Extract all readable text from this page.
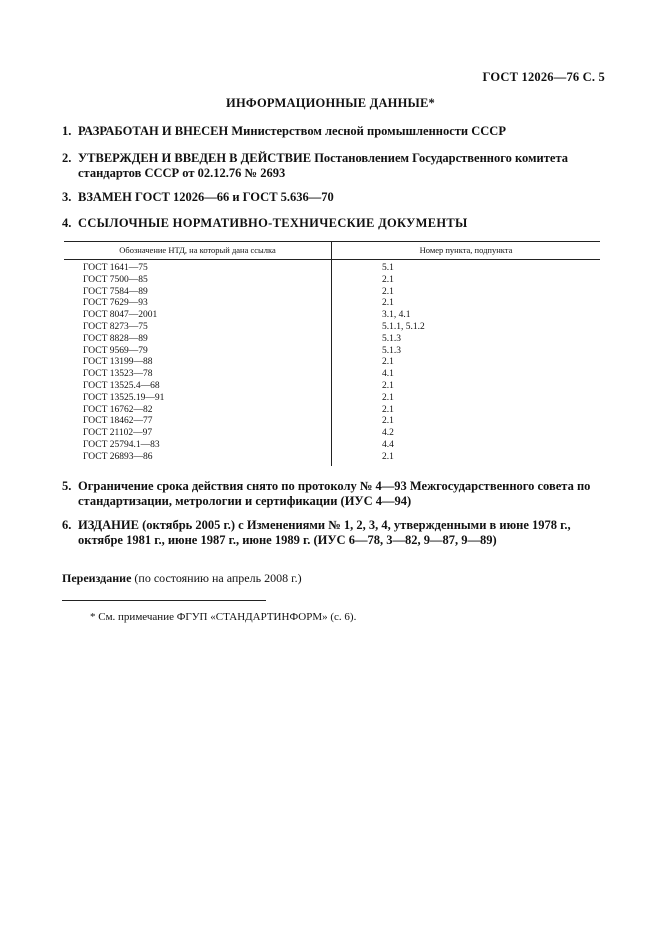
ГОСТ 12026—76 С. 5
ИНФОРМАЦИОННЫЕ ДАННЫЕ*
1. РАЗРАБОТАН И ВНЕСЕН Министерством лесной промышленности СССР
2. УТВЕРЖДЕН И ВВЕДЕН В ДЕЙСТВИЕ Постановлением Государственного комитета стандартов СССР от 02.12.76 № 2693
3. ВЗАМЕН ГОСТ 12026—66 и ГОСТ 5.636—70
4. ССЫЛОЧНЫЕ НОРМАТИВНО-ТЕХНИЧЕСКИЕ ДОКУМЕНТЫ
Обозначение НТД, на который дана ссылка	Номер пункта, подпункта
ГОСТ 1641—75
ГОСТ 7500—85
ГОСТ 7584—89
ГОСТ 7629—93
ГОСТ 8047—2001
ГОСТ 8273—75
ГОСТ 8828—89
ГОСТ 9569—79
ГОСТ 13199—88
ГОСТ 13523—78
ГОСТ 13525.4—68
ГОСТ 13525.19—91
ГОСТ 16762—82
ГОСТ 18462—77
ГОСТ 21102—97
ГОСТ 25794.1—83
ГОСТ 26893—86
5.1
2.1
2.1
2.1
3.1, 4.1
5.1.1, 5.1.2
5.1.3
5.1.3
2.1
4.1
2.1
2.1
2.1
2.1
4.2
4.4
2.1
5. Ограничение срока действия снято по протоколу № 4—93 Межгосударственного совета по стандартизации, метрологии и сертификации (ИУС 4—94)
6. ИЗДАНИЕ (октябрь 2005 г.) с Изменениями № 1, 2, 3, 4, утвержденными в июне 1978 г., октябре 1981 г., июне 1987 г., июне 1989 г. (ИУС 6—78, 3—82, 9—87, 9—89)
Переиздание (по состоянию на апрель 2008 г.)
* См. примечание ФГУП «СТАНДАРТИНФОРМ» (с. 6).
